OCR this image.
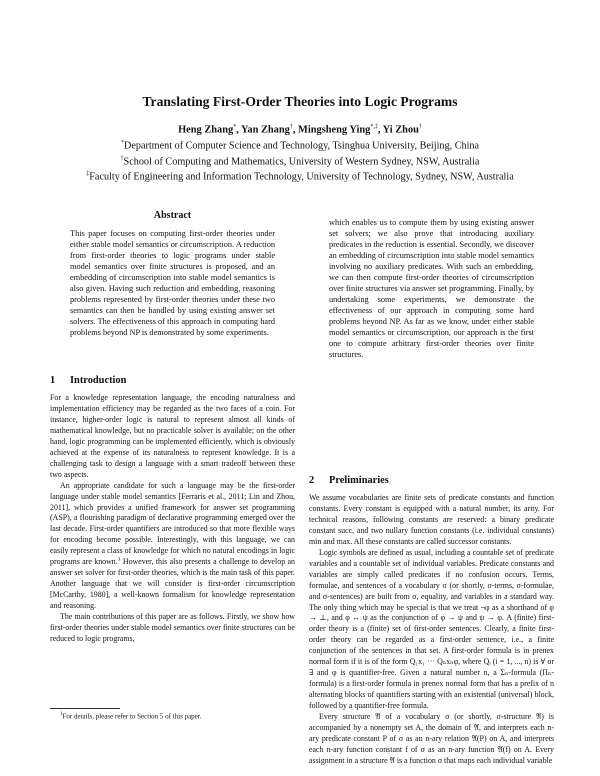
Translating First-Order Theories into Logic Programs

Heng Zhang*, Yan Zhang†, Mingsheng Ying*,‡, Yi Zhou†

*Department of Computer Science and Technology, Tsinghua University, Beijing, China

†School of Computing and Mathematics, University of Western Sydney, NSW, Australia

‡Faculty of Engineering and Information Technology, University of Technology, Sydney, NSW, Australia

Abstract

This paper focuses on computing first-order theories under either stable model semantics or circumscription. A reduction from first-order theories to logic programs under stable model semantics over finite structures is proposed, and an embedding of circumscription into stable model semantics is also given. Having such reduction and embedding, reasoning problems represented by first-order theories under these two semantics can then be handled by using existing answer set solvers. The effectiveness of this approach in computing hard problems beyond NP is demonstrated by some experiments.

1 Introduction

For a knowledge representation language, the encoding naturalness and implementation efficiency may be regarded as the two faces of a coin. For instance, higher-order logic is natural to represent almost all kinds of mathematical knowledge, but no practicable solver is available; on the other hand, logic programming can be implemented efficiently, which is obviously achieved at the expense of its naturalness to represent knowledge. It is a challenging task to design a language with a smart tradeoff between these two aspects.

An appropriate candidate for such a language may be the first-order language under stable model semantics [Ferraris et al., 2011; Lin and Zhou, 2011], which provides a unified framework for answer set programming (ASP), a flourishing paradigm of declarative programming emerged over the last decade. First-order quantifiers are introduced so that more flexible ways for encoding become possible. Interestingly, with this language, we can easily represent a class of knowledge for which no natural encodings in logic programs are known.$^1$ However, this also presents a challenge to develop an answer set solver for first-order theories, which is the main task of this paper. Another language that we will consider is first-order circumscription [McCarthy, 1980], a well-known formalism for knowledge representation and reasoning.

The main contributions of this paper are as follows. Firstly, we show how first-order theories under stable model semantics over finite structures can be reduced to logic programs,

which enables us to compute them by using existing answer set solvers; we also prove that introducing auxiliary predicates in the reduction is essential. Secondly, we discover an embedding of circumscription into stable model semantics involving no auxiliary predicates. With such an embedding, we can then compute first-order theories of circumscription over finite structures via answer set programming. Finally, by undertaking some experiments, we demonstrate the effectiveness of our approach in computing some hard problems beyond NP. As far as we know, under either stable model semantics or circumscription, our approach is the first one to compute arbitrary first-order theories over finite structures.

2 Preliminaries

We assume vocabularies are finite sets of predicate constants and function constants. Every constant is equipped with a natural number, its arity. For technical reasons, following constants are reserved: a binary predicate constant succ, and two nullary function constants (i.e. individual constants) min and max. All these constants are called successor constants.

Logic symbols are defined as usual, including a countable set of predicate variables and a countable set of individual variables. Predicate constants and variables are simply called predicates if no confusion occurs. Terms, formulae, and sentences of a vocabulary σ (or shortly, σ-terms, σ-formulae, and σ-sentences) are built from σ, equality, and variables in a standard way. The only thing which may be special is that we treat ¬φ as a shorthand of φ → ⊥, and φ ↔ ψ as the conjunction of φ → ψ and ψ → φ. A (finite) first-order theory is a (finite) set of first-order sentences. Clearly, a finite first-order theory can be regarded as a first-order sentence, i.e., a finite conjunction of the sentences in that set. A first-order formula is in prenex normal form if it is of the form Q₁x₁ ··· Qₙxₙφ, where Qᵢ (i = 1, ..., n) is ∀ or ∃ and φ is quantifier-free. Given a natural number n, a Σₙ-formula (Πₙ-formula) is a first-order formula in prenex normal form that has a prefix of n alternating blocks of quantifiers starting with an existential (universal) block, followed by a quantifier-free formula.

Every structure 𝔄 of a vocabulary σ (or shortly, σ-structure 𝔄) is accompanied by a nonempty set A, the domain of 𝔄, and interprets each n-ary predicate constant P of σ as an n-ary relation 𝔄(P) on A, and interprets each n-ary function constant f of σ as an n-ary function 𝔄(f) on A. Every assignment in a structure 𝔄 is a function σ that maps each individual variable

$^1$For details, please refer to Section 5 of this paper.
